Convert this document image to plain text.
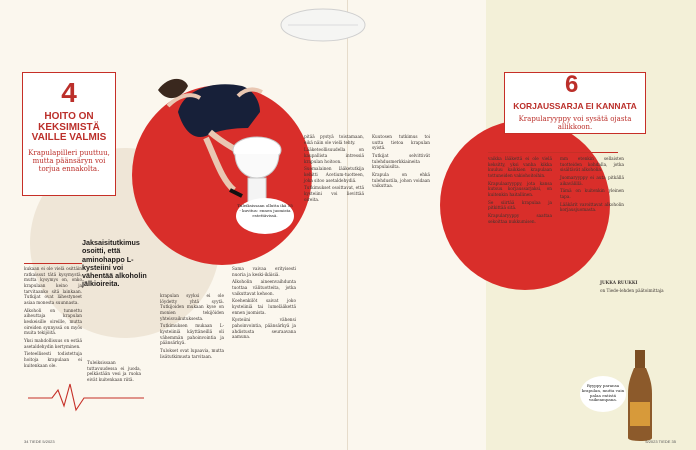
4
HOITO ON KEKSIMISTÄ VAILLE VALMIS
Krapulapilleri puuttuu, mutta päänsäryn voi torjua ennakolta.
6
KORJAUSSARJA EI KANNATA
Krapularyyppy voi sysätä ojasta allikkoon.
Tuleiksissaan ollutta ikä 55 - kuvitus: ennen juomista estettävissä.

kukaan ei ole vielä osittäin ratkaissut tätä kysymystä, mutta kysymys on, onko krapulaan keino ja tarvitaanko sitä lainkaan. Tutkijat ovat lähestyneet asiaa monesta suunnasta.

Alkoholi on tunnettu aiheuttaja krapulan keskeisille oireille, mutta oireiden synnyssä on myös muita tekijöitä.

Yksi mahdollisuus on estää asetaldehydin kertyminen.

Tieteellisesti todistettuja hoitoja krapulaan ei kuitenkaan ole.

Tuleiksissaan tuttavuudessa ei juoda, pelkästään vesi ja ruoka eivät kuitenkaan riitä.

Jaksaisitutkimus osoitti, että aminohappo L-kysteiini voi vähentää alkoholin jälkioireita.

krapulan syyksi ei ole löydetty yhtä syytä. Tutkijoiden mukaan kyse on monien tekijöiden yhteisvaikutuksesta.

Tutkimuksen mukaan L-kysteiiniä käyttäneillä oli vähemmän pahoinvointia ja päänsärkyä.

Tulokset ovat lupaavia, mutta lisätutkimusta tarvitaan.

Sama vaivaa erityisesti nuoria ja keski-ikäisiä.

Alkoholin aineenvaihdunta tuottaa välituotteita, jotka vaikuttavat kehoon.

Koehenkilöt saivat joko kysteiiniä tai lumelääkettä ennen juomista.

Kysteiini vähensi pahoinvointia, päänsärkyä ja ahdistusta seuraavana aamuna.

pitää pystyä toistamaan, eikä näin ole vielä tehty.

Lääketeollisuudella on kaupallista intressiä krapulan hoitoon.

Suomalainen lääketutkija kehitti Acetium-tuotteen, joka sitoo asetaldehydiä.

Tutkimukset osoittavat, että kysteiini voi lievittää oireita.

Kuutosen tutkimus toi uutta tietoa krapulan syistä.

Tutkijat selvittivät tulehdusmerkkiaineita krapulaisilta.

Krapula on ehkä tulehdustila, johon voidaan vaikuttaa.

vaikka lääkettä ei ole vielä keksitty, yksi vanha kikka kuuluu kaikkien krapulaan tottuneiden vakiohoitoihin.

Krapulaaryyppy, jota kansa kutsuu korjaussarjaksi, on kuitenkin haitallinen.

Se siirtää krapulaa ja pitkittää sitä.

Krapularyyppy saattaa sekoittaa nukkumisen.

mm etenkin sellaisten tuotteiden kohdalla, jotka sisältävät alkoholia.

Juomaryyppy ei auta pitkällä aikavälillä.

Tämä on kuitenkin yleinen tapa.

Lääkärit varoittavat alkoholin korjausjuomasta.

JUKKA RUUKKI

on Tiede-lehden päätoimittaja

Ryyppy paransa krapulan, mutta vain palaa entistä vaikeampana.
34 TIEDE 5/2023	5/2023 TIEDE 35
